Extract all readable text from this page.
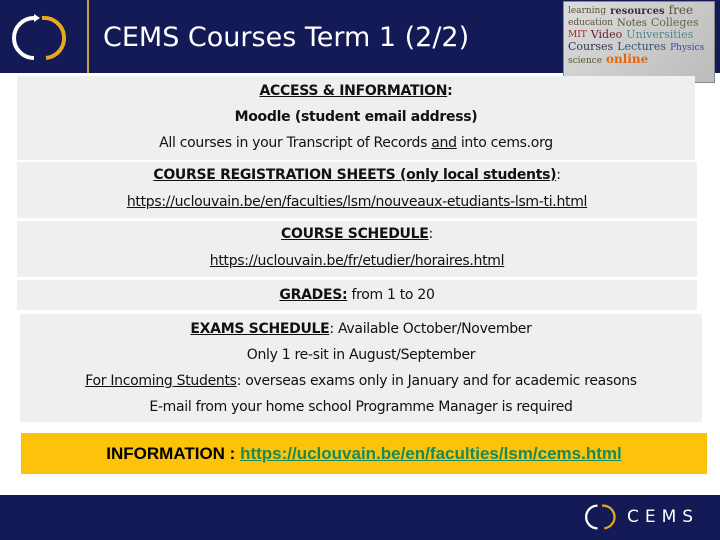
CEMS Courses Term 1 (2/2)
learning resources freeeducation Notes CollegesMIT Video UniversitiesCourses Lectures Physicsscience online
ACCESS & INFORMATION:
Moodle (student email address)
All courses in your Transcript of Records and into cems.org
COURSE REGISTRATION SHEETS (only local students):
https://uclouvain.be/en/faculties/lsm/nouveaux-etudiants-lsm-ti.html
COURSE SCHEDULE:
https://uclouvain.be/fr/etudier/horaires.html
GRADES: from 1 to 20
EXAMS SCHEDULE: Available October/November
Only 1 re-sit in August/September
For Incoming Students: overseas exams only in January and for academic reasons
E-mail from your home school Programme Manager is required
INFORMATION : https://uclouvain.be/en/faculties/lsm/cems.html
CEMS
